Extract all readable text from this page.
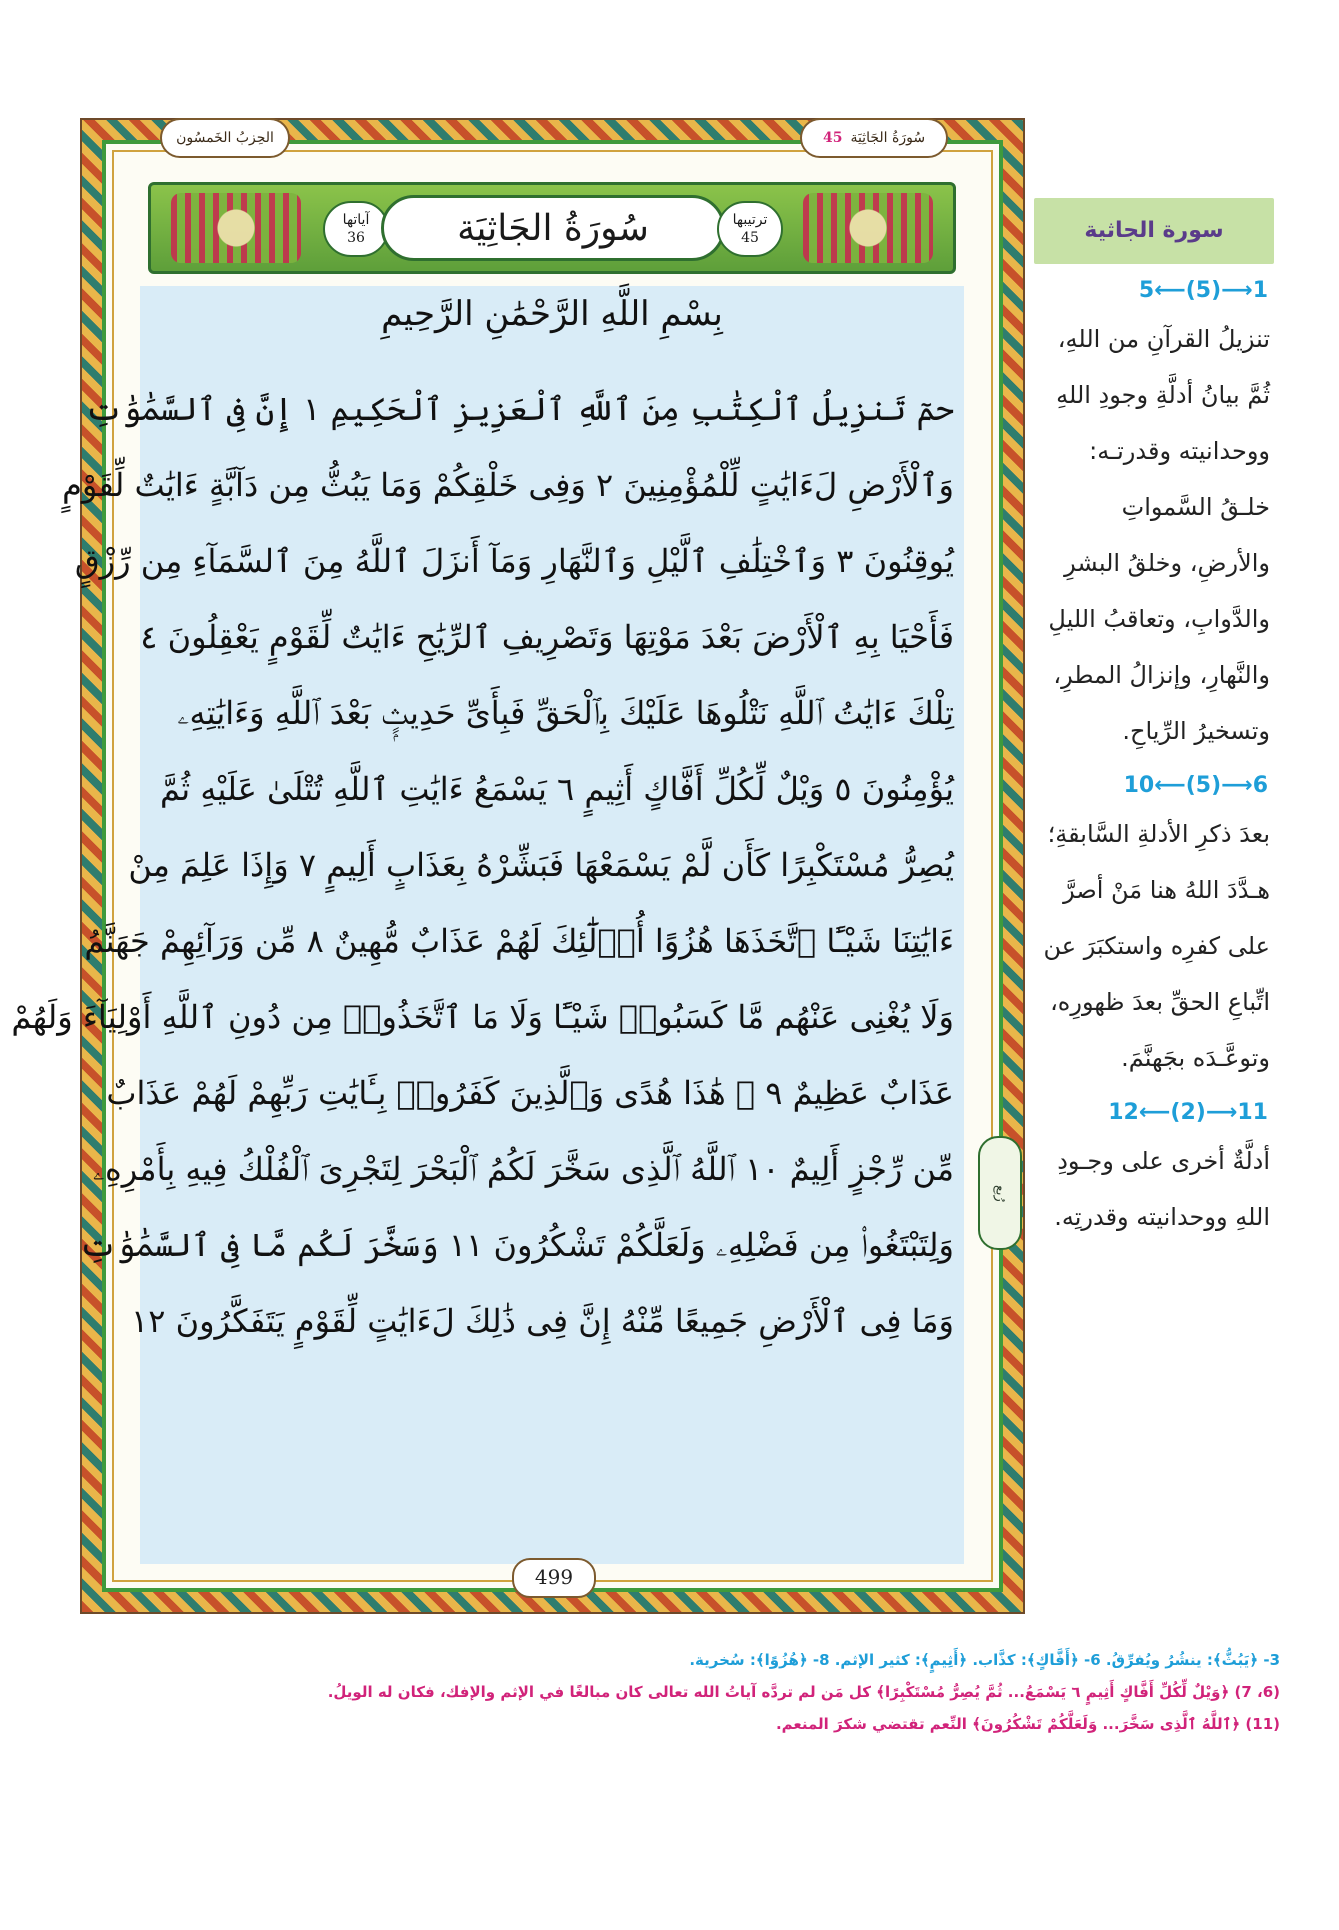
الحِزبُ الخَمسُون	سُورَةُ الجَاثِيَة
45
آياتها
36	سُورَةُ الجَاثِيَة	ترتيبها
45
بِسْمِ اللَّهِ الرَّحْمَٰنِ الرَّحِيمِ
حمٓ تَنزِيلُ ٱلْكِتَٰبِ مِنَ ٱللَّهِ ٱلْعَزِيزِ ٱلْحَكِيمِ ١ إِنَّ فِى ٱلسَّمَٰوَٰتِ
وَٱلْأَرْضِ لَءَايَٰتٍ لِّلْمُؤْمِنِينَ ٢ وَفِى خَلْقِكُمْ وَمَا يَبُثُّ مِن دَآبَّةٍ ءَايَٰتٌ لِّقَوْمٍ
يُوقِنُونَ ٣ وَٱخْتِلَٰفِ ٱلَّيْلِ وَٱلنَّهَارِ وَمَآ أَنزَلَ ٱللَّهُ مِنَ ٱلسَّمَآءِ مِن رِّزْقٍ
فَأَحْيَا بِهِ ٱلْأَرْضَ بَعْدَ مَوْتِهَا وَتَصْرِيفِ ٱلرِّيَٰحِ ءَايَٰتٌ لِّقَوْمٍ يَعْقِلُونَ ٤
تِلْكَ ءَايَٰتُ ٱللَّهِ نَتْلُوهَا عَلَيْكَ بِٱلْحَقِّ فَبِأَىِّ حَدِيثٍۭ بَعْدَ ٱللَّهِ وَءَايَٰتِهِۦ
يُؤْمِنُونَ ٥ وَيْلٌ لِّكُلِّ أَفَّاكٍ أَثِيمٍ ٦ يَسْمَعُ ءَايَٰتِ ٱللَّهِ تُتْلَىٰ عَلَيْهِ ثُمَّ
يُصِرُّ مُسْتَكْبِرًا كَأَن لَّمْ يَسْمَعْهَا فَبَشِّرْهُ بِعَذَابٍ أَلِيمٍ ٧ وَإِذَا عَلِمَ مِنْ
ءَايَٰتِنَا شَيْـًٔا ٱتَّخَذَهَا هُزُوًا أُو۟لَٰٓئِكَ لَهُمْ عَذَابٌ مُّهِينٌ ٨ مِّن وَرَآئِهِمْ جَهَنَّمُ
وَلَا يُغْنِى عَنْهُم مَّا كَسَبُوا۟ شَيْـًٔا وَلَا مَا ٱتَّخَذُوا۟ مِن دُونِ ٱللَّهِ أَوْلِيَآءَ وَلَهُمْ
عَذَابٌ عَظِيمٌ ٩ ۞ هَٰذَا هُدًى وَٱلَّذِينَ كَفَرُوا۟ بِـَٔايَٰتِ رَبِّهِمْ لَهُمْ عَذَابٌ
مِّن رِّجْزٍ أَلِيمٌ ١٠ ٱللَّهُ ٱلَّذِى سَخَّرَ لَكُمُ ٱلْبَحْرَ لِتَجْرِىَ ٱلْفُلْكُ فِيهِ بِأَمْرِهِۦ
وَلِتَبْتَغُوا۟ مِن فَضْلِهِۦ وَلَعَلَّكُمْ تَشْكُرُونَ ١١ وَسَخَّرَ لَكُم مَّا فِى ٱلسَّمَٰوَٰتِ
وَمَا فِى ٱلْأَرْضِ جَمِيعًا مِّنْهُ إِنَّ فِى ذَٰلِكَ لَءَايَٰتٍ لِّقَوْمٍ يَتَفَكَّرُونَ ١٢
رُبع
499
سورة الجاثية
1⟶(5)⟵5
تنزيلُ القرآنِ من اللهِ، ثُمَّ بيانُ أدلَّةِ وجودِ اللهِ ووحدانيته وقدرتـه: خلـقُ السَّمواتِ والأرضِ، وخلقُ البشرِ والدَّوابِ، وتعاقبُ الليلِ والنَّهارِ، وإنزالُ المطرِ، وتسخيرُ الرِّياحِ.
6⟶(5)⟵10
بعدَ ذكرِ الأدلةِ السَّابقةِ؛ هـدَّدَ اللهُ هنا مَنْ أصرَّ على كفرِه واستكبَرَ عن اتِّباعِ الحقِّ بعدَ ظهورِه، وتوعَّـدَه بجَهنَّمَ.
11⟶(2)⟵12
أدلَّةٌ أخرى على وجـودِ اللهِ ووحدانيته وقدرتِه.
3- ﴿يَبُثُّ﴾: ينشُرُ ويُفرِّقُ. 6- ﴿أَفَّاكٍ﴾: كذَّاب. ﴿أَثِيمٍ﴾: كثير الإثم. 8- ﴿هُزُوًا﴾: سُخرية.
(6، 7) ﴿وَيْلٌ لِّكُلِّ أَفَّاكٍ أَثِيمٍ ٦ يَسْمَعُ... ثُمَّ يُصِرُّ مُسْتَكْبِرًا﴾ كل مَن لم تردَّه آياتُ الله تعالى كان مبالغًا في الإثم والإفك، فكان له الويلُ.
(11) ﴿ٱللَّهُ ٱلَّذِى سَخَّرَ... وَلَعَلَّكُمْ تَشْكُرُونَ﴾ النِّعم تقتضي شكرَ المنعم.
